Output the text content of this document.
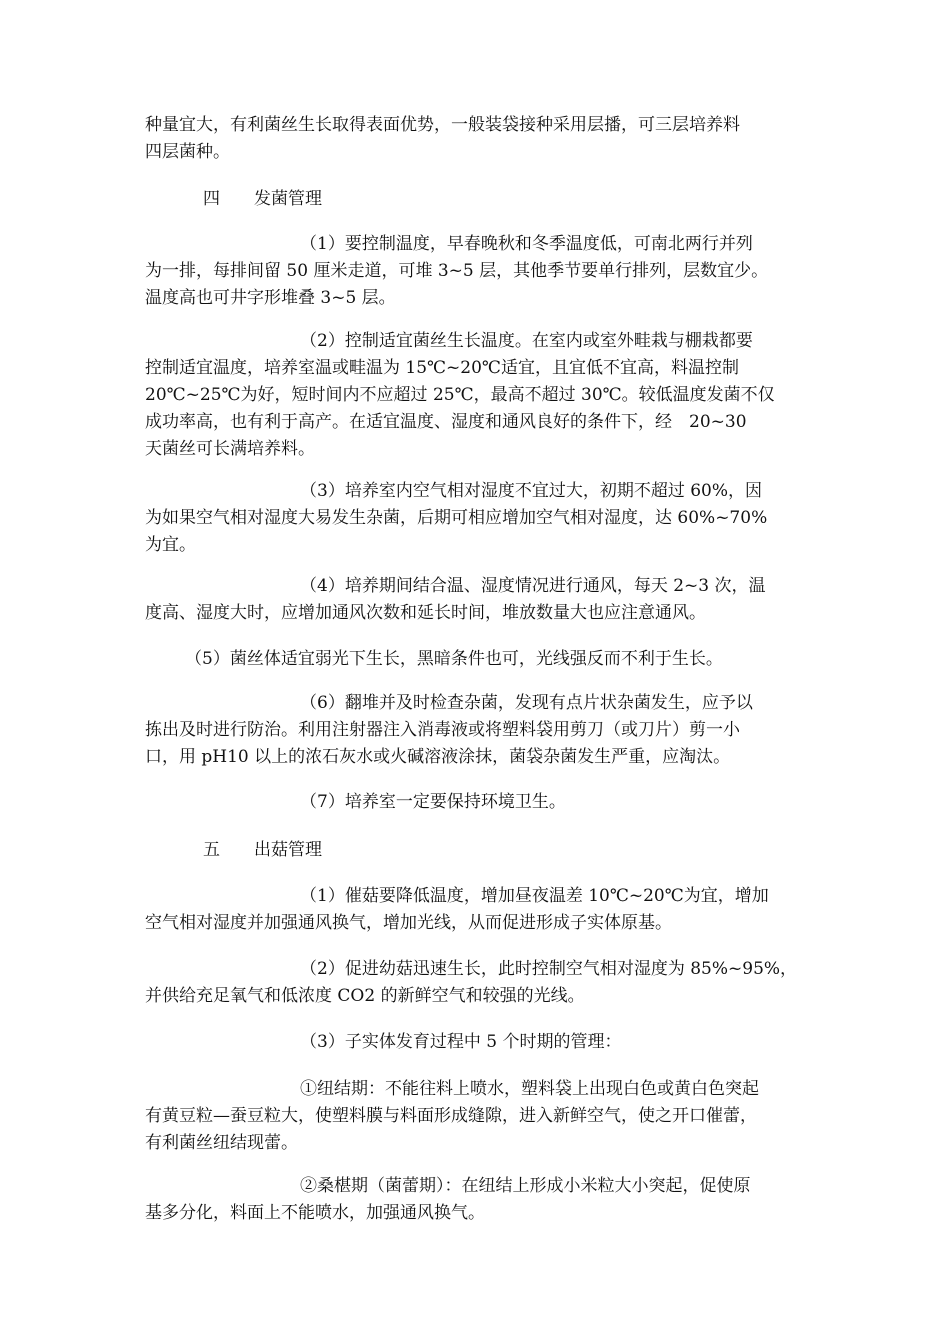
种量宜大，有利菌丝生长取得表面优势，一般装袋接种采用层播，可三层培养料
四层菌种。

四　　发菌管理

（1）要控制温度，早春晚秋和冬季温度低，可南北两行并列
为一排，每排间留 50 厘米走道，可堆 3~5 层，其他季节要单行排列，层数宜少。
温度高也可井字形堆叠 3~5 层。

（2）控制适宜菌丝生长温度。在室内或室外畦栽与棚栽都要
控制适宜温度，培养室温或畦温为 15℃~20℃适宜，且宜低不宜高，料温控制
20℃~25℃为好，短时间内不应超过 25℃，最高不超过 30℃。较低温度发菌不仅
成功率高，也有利于高产。在适宜温度、湿度和通风良好的条件下，经　20~30
天菌丝可长满培养料。

（3）培养室内空气相对湿度不宜过大，初期不超过 60%，因
为如果空气相对湿度大易发生杂菌，后期可相应增加空气相对湿度，达 60%~70%
为宜。

（4）培养期间结合温、湿度情况进行通风，每天 2~3 次，温
度高、湿度大时，应增加通风次数和延长时间，堆放数量大也应注意通风。

（5）菌丝体适宜弱光下生长，黑暗条件也可，光线强反而不利于生长。

（6）翻堆并及时检查杂菌，发现有点片状杂菌发生，应予以
拣出及时进行防治。利用注射器注入消毒液或将塑料袋用剪刀（或刀片）剪一小
口，用 pH10 以上的浓石灰水或火碱溶液涂抹，菌袋杂菌发生严重，应淘汰。

（7）培养室一定要保持环境卫生。

五　　出菇管理

（1）催菇要降低温度，增加昼夜温差 10℃~20℃为宜，增加
空气相对湿度并加强通风换气，增加光线，从而促进形成子实体原基。

（2）促进幼菇迅速生长，此时控制空气相对湿度为 85%~95%，
并供给充足氧气和低浓度 CO2 的新鲜空气和较强的光线。

（3）子实体发育过程中 5 个时期的管理：

①纽结期：不能往料上喷水，塑料袋上出现白色或黄白色突起
有黄豆粒—蚕豆粒大，使塑料膜与料面形成缝隙，进入新鲜空气，使之开口催蕾，
有利菌丝纽结现蕾。

②桑椹期（菌蕾期）：在纽结上形成小米粒大小突起，促使原
基多分化，料面上不能喷水，加强通风换气。
